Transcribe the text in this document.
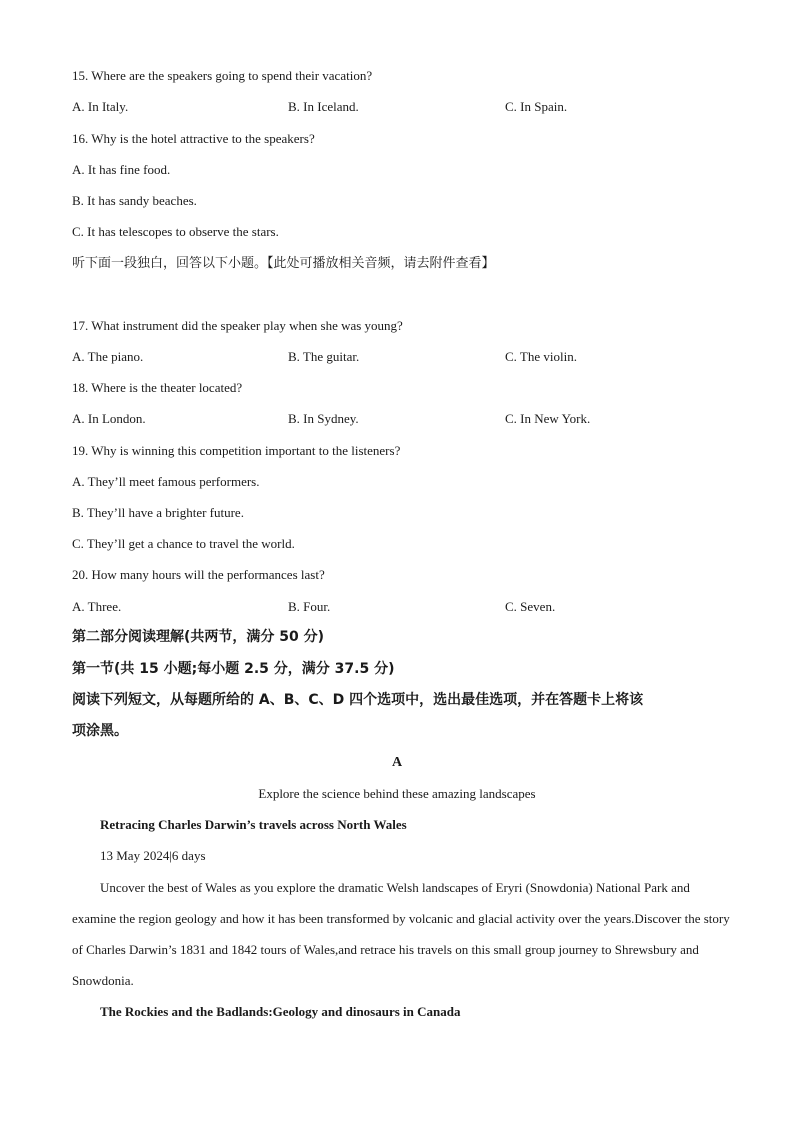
15. Where are the speakers going to spend their vacation?
A. In Italy.	B. In Iceland.	C. In Spain.
16. Why is the hotel attractive to the speakers?
A. It has fine food.
B. It has sandy beaches.
C. It has telescopes to observe the stars.
听下面一段独白，回答以下小题。【此处可播放相关音频，请去附件查看】
17. What instrument did the speaker play when she was young?
A. The piano.	B. The guitar.	C. The violin.
18. Where is the theater located?
A. In London.	B. In Sydney.	C. In New York.
19. Why is winning this competition important to the listeners?
A. They’ll meet famous performers.
B. They’ll have a brighter future.
C. They’ll get a chance to travel the world.
20. How many hours will the performances last?
A. Three.	B. Four.	C. Seven.
第二部分阅读理解(共两节，满分 50 分)
第一节(共 15 小题;每小题 2.5 分，满分 37.5 分)
阅读下列短文，从每题所给的 A、B、C、D 四个选项中，选出最佳选项，并在答题卡上将该
项涂黑。
A
Explore the science behind these amazing landscapes
Retracing Charles Darwin’s travels across North Wales
13 May 2024|6 days
Uncover the best of Wales as you explore the dramatic Welsh landscapes of Eryri (Snowdonia) National Park and examine the region geology and how it has been transformed by volcanic and glacial activity over the years.Discover the story of Charles Darwin’s 1831 and 1842 tours of Wales,and retrace his travels on this small group journey to Shrewsbury and Snowdonia.
The Rockies and the Badlands:Geology and dinosaurs in Canada
